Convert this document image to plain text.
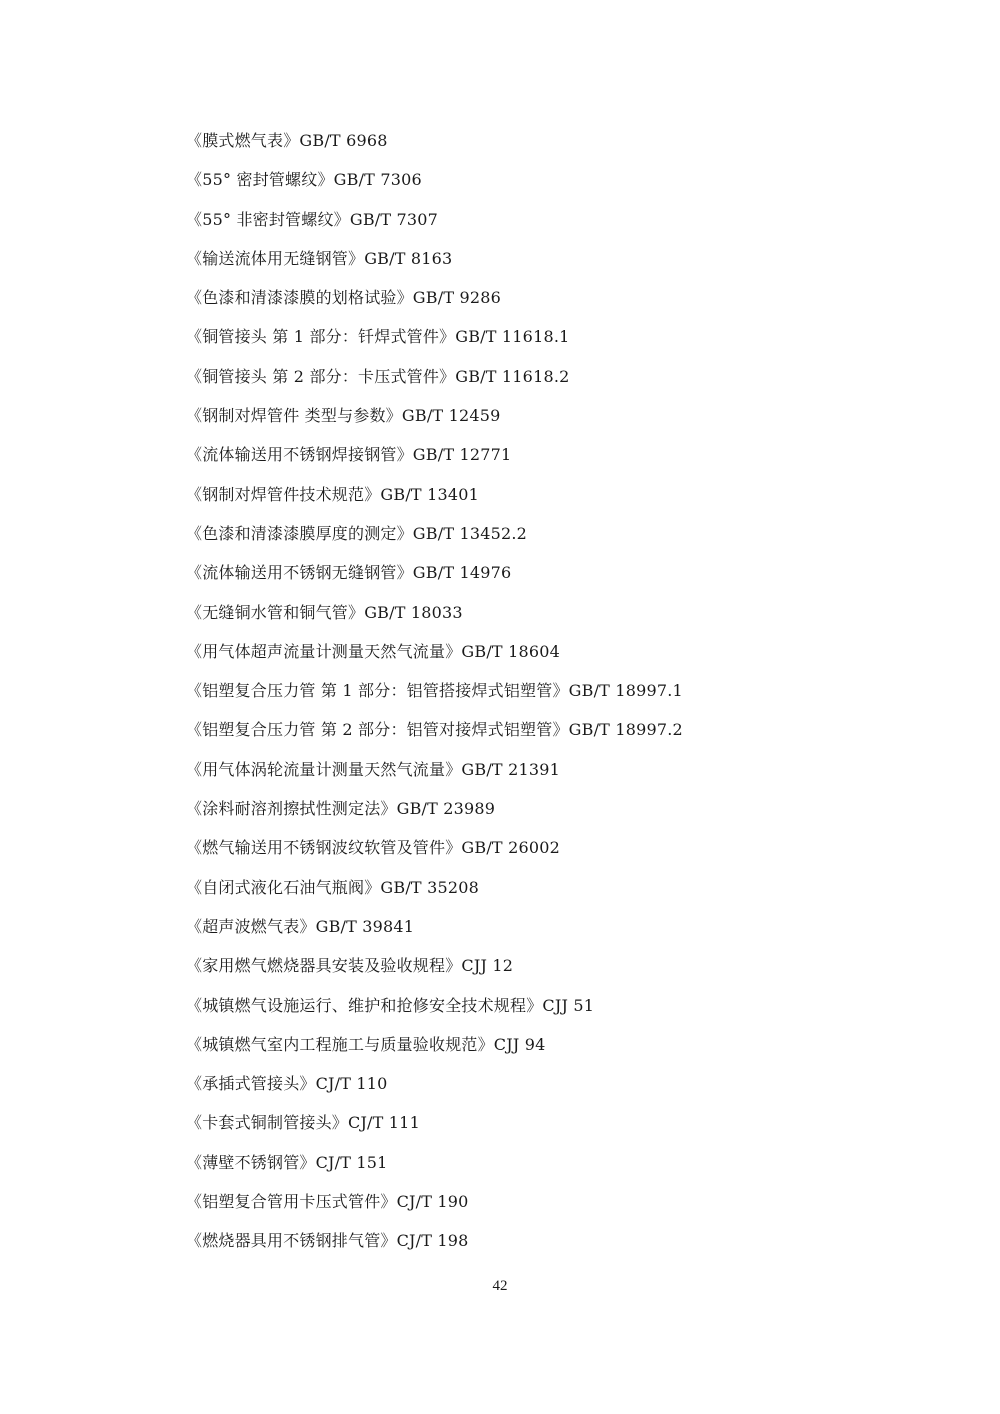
《膜式燃气表》GB/T 6968
《55° 密封管螺纹》GB/T 7306
《55° 非密封管螺纹》GB/T 7307
《输送流体用无缝钢管》GB/T 8163
《色漆和清漆漆膜的划格试验》GB/T 9286
《铜管接头 第 1 部分：钎焊式管件》GB/T 11618.1
《铜管接头 第 2 部分：卡压式管件》GB/T 11618.2
《钢制对焊管件 类型与参数》GB/T 12459
《流体输送用不锈钢焊接钢管》GB/T 12771
《钢制对焊管件技术规范》GB/T 13401
《色漆和清漆漆膜厚度的测定》GB/T 13452.2
《流体输送用不锈钢无缝钢管》GB/T 14976
《无缝铜水管和铜气管》GB/T 18033
《用气体超声流量计测量天然气流量》GB/T 18604
《铝塑复合压力管 第 1 部分：铝管搭接焊式铝塑管》GB/T 18997.1
《铝塑复合压力管 第 2 部分：铝管对接焊式铝塑管》GB/T 18997.2
《用气体涡轮流量计测量天然气流量》GB/T 21391
《涂料耐溶剂擦拭性测定法》GB/T 23989
《燃气输送用不锈钢波纹软管及管件》GB/T 26002
《自闭式液化石油气瓶阀》GB/T 35208
《超声波燃气表》GB/T 39841
《家用燃气燃烧器具安装及验收规程》CJJ 12
《城镇燃气设施运行、维护和抢修安全技术规程》CJJ 51
《城镇燃气室内工程施工与质量验收规范》CJJ 94
《承插式管接头》CJ/T 110
《卡套式铜制管接头》CJ/T 111
《薄壁不锈钢管》CJ/T 151
《铝塑复合管用卡压式管件》CJ/T 190
《燃烧器具用不锈钢排气管》CJ/T 198
42
